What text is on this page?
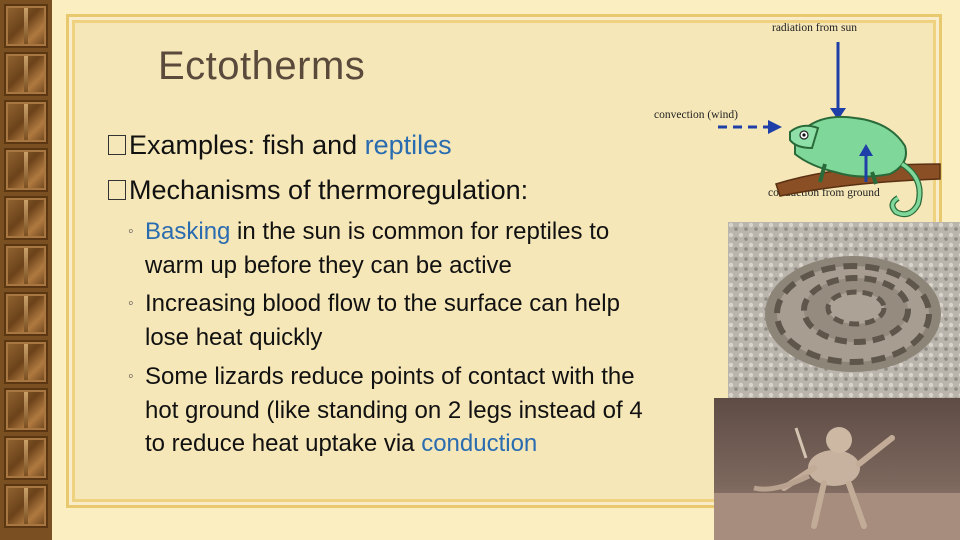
Ectotherms
Examples: fish and reptiles
Mechanisms of thermoregulation:
◦ Basking in the sun is common for reptiles to
warm up before they can be active
◦ Increasing blood flow to the surface can help
lose heat quickly
◦ Some lizards reduce points of contact with the
hot ground (like standing on 2 legs instead of 4
to reduce heat uptake via conduction
radiation from sun
convection (wind)
conduction from ground
